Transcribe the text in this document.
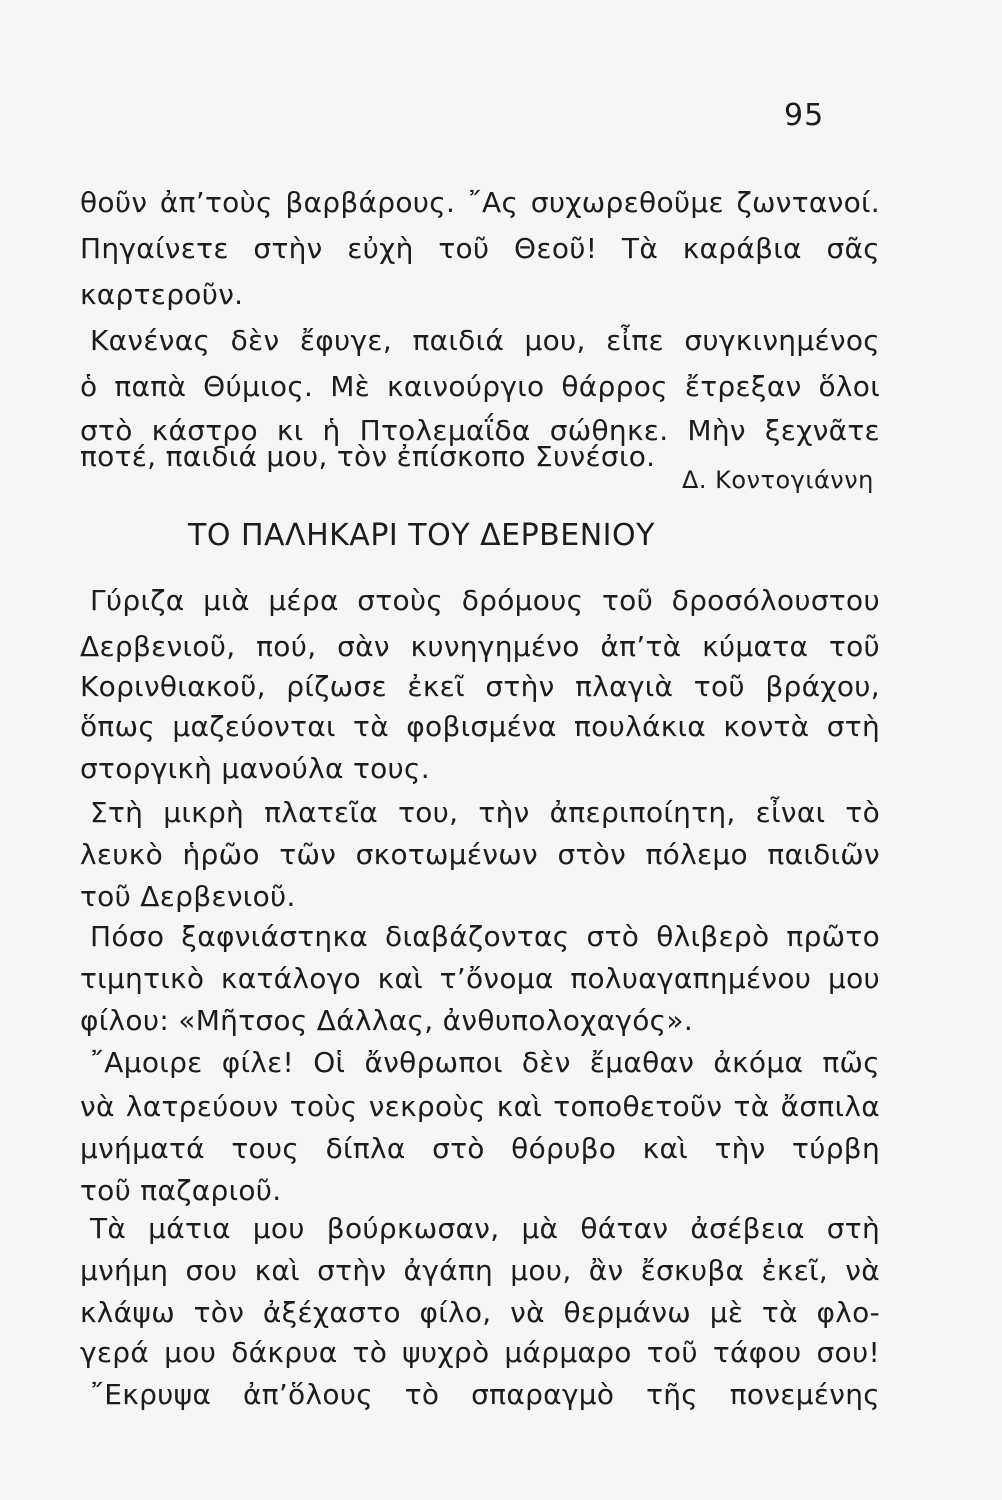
95
θοῦν ἀπ’τοὺς βαρβάρους. ῎Ας συχωρεθοῦμε ζωντανοί.
Πηγαίνετε στὴν εὐχὴ τοῦ Θεοῦ! Τὰ καράβια σᾶς
καρτεροῦν.
Κανένας δὲν ἔφυγε, παιδιά μου, εἶπε συγκινημένος
ὁ παπὰ Θύμιος. Μὲ καινούργιο θάρρος ἔτρεξαν ὅλοι
στὸ κάστρο κι ἡ Πτολεμαΐδα σώθηκε. Μὴν ξεχνᾶτε
ποτέ, παιδιά μου, τὸν ἐπίσκοπο Συνέσιο.
Δ. Κοντογιάννη
ΤΟ ΠΑΛΗΚΑΡΙ ΤΟΥ ΔΕΡΒΕΝΙΟΥ
Γύριζα μιὰ μέρα στοὺς δρόμους τοῦ δροσόλουστου
Δερβενιοῦ, πού, σὰν κυνηγημένο ἀπ’τὰ κύματα τοῦ
Κορινθιακοῦ, ρίζωσε ἐκεῖ στὴν πλαγιὰ τοῦ βράχου,
ὅπως μαζεύονται τὰ φοβισμένα πουλάκια κοντὰ στὴ
στοργικὴ μανούλα τους.
Στὴ μικρὴ πλατεῖα του, τὴν ἀπεριποίητη, εἶναι τὸ
λευκὸ ἡρῶο τῶν σκοτωμένων στὸν πόλεμο παιδιῶν
τοῦ Δερβενιοῦ.
Πόσο ξαφνιάστηκα διαβάζοντας στὸ θλιβερὸ πρῶτο
τιμητικὸ κατάλογο καὶ τ’ὄνομα πολυαγαπημένου μου
φίλου: «Μῆτσος Δάλλας, ἀνθυπολοχαγός».
῎Αμοιρε φίλε! Οἱ ἄνθρωποι δὲν ἔμαθαν ἀκόμα πῶς
νὰ λατρεύουν τοὺς νεκροὺς καὶ τοποθετοῦν τὰ ἄσπιλα
μνήματά τους δίπλα στὸ θόρυβο καὶ τὴν τύρβη
τοῦ παζαριοῦ.
Τὰ μάτια μου βούρκωσαν, μὰ θάταν ἀσέβεια στὴ
μνήμη σου καὶ στὴν ἀγάπη μου, ἂν ἔσκυβα ἐκεῖ, νὰ
κλάψω τὸν ἀξέχαστο φίλο, νὰ θερμάνω μὲ τὰ φλο-
γερά μου δάκρυα τὸ ψυχρὸ μάρμαρο τοῦ τάφου σου!
῎Εκρυψα ἀπ’ὅλους τὸ σπαραγμὸ τῆς πονεμένης
